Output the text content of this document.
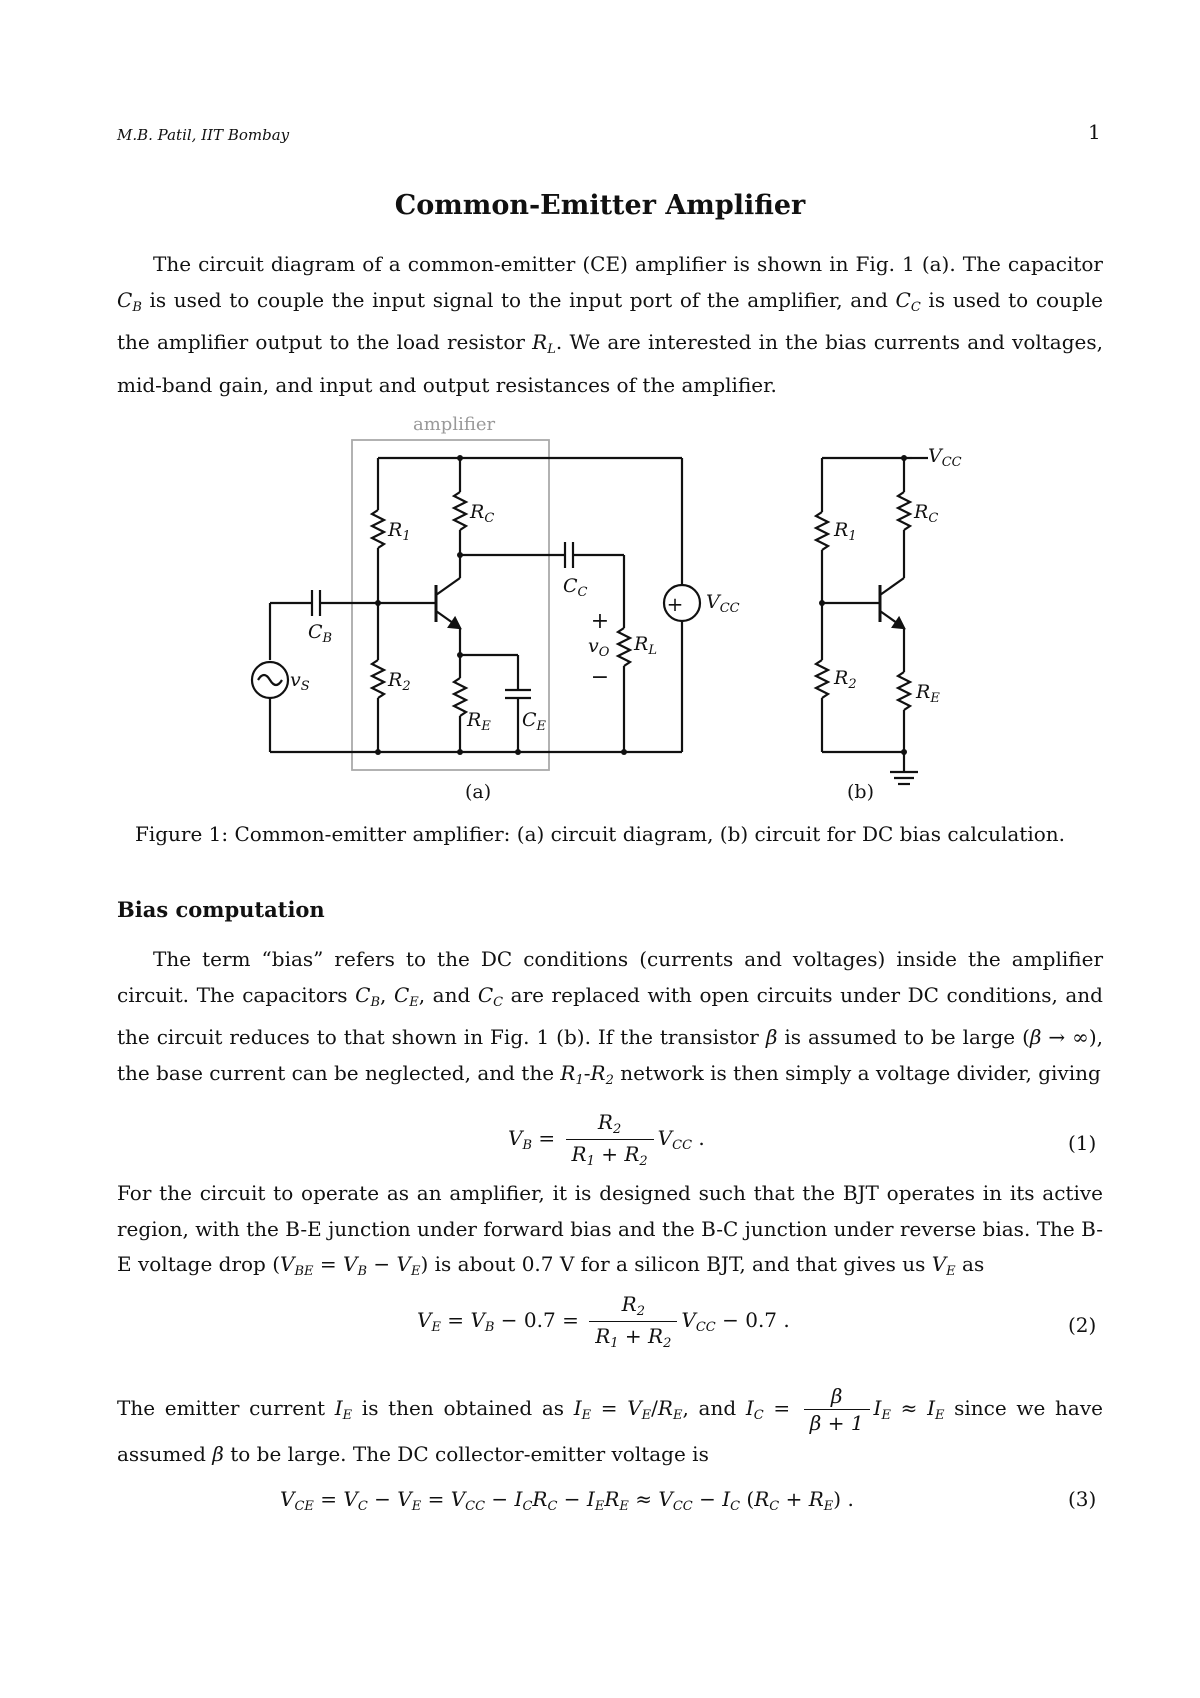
M.B. Patil, IIT Bombay	1
Common-Emitter Amplifier
The circuit diagram of a common-emitter (CE) amplifier is shown in Fig. 1 (a). The capacitor $C_B$ is used to couple the input signal to the input port of the amplifier, and $C_C$ is used to couple the amplifier output to the load resistor $R_L$. We are interested in the bias currents and voltages, mid-band gain, and input and output resistances of the amplifier.
amplifier
+
$R_1$
$R_C$
$C_C$
$C_B$
$R_2$
$R_E$ $C_E$
$R_L$
$v_S$
$v_O$
+
−
$V_{CC}$
(a)
$V_{CC}$
$R_1$
$R_C$
$R_2$	$R_E$
(b)
Figure 1: Common-emitter amplifier: (a) circuit diagram, (b) circuit for DC bias calculation.
Bias computation
The term “bias” refers to the DC conditions (currents and voltages) inside the amplifier circuit. The capacitors $C_B$, $C_E$, and $C_C$ are replaced with open circuits under DC conditions, and the circuit reduces to that shown in Fig. 1 (b). If the transistor β is assumed to be large (β → ∞), the base current can be neglected, and the $R_1-R_2$ network is then simply a voltage divider, giving
$V_B = \frac{R_2}{R_1 + R_2} V_{CC}$ .	(1)
For the circuit to operate as an amplifier, it is designed such that the BJT operates in its active region, with the B-E junction under forward bias and the B-C junction under reverse bias. The B-E voltage drop $(V_{BE} = V_B - V_E)$ is about 0.7 V for a silicon BJT, and that gives us $V_E$ as
$V_E = V_B - 0.7 = \frac{R_2}{R_1 + R_2} V_{CC} - 0.7$ .	(2)
The emitter current $I_E$ is then obtained as $I_E = V_E/R_E$, and $I_C = \frac{\beta}{\beta + 1} I_E \approx I_E$ since we have assumed β to be large. The DC collector-emitter voltage is
$V_{CE} = V_C - V_E = V_{CC} - I_CR_C - I_ER_E \approx V_{CC} - I_C$ $(R_C + R_E)$ .	(3)
